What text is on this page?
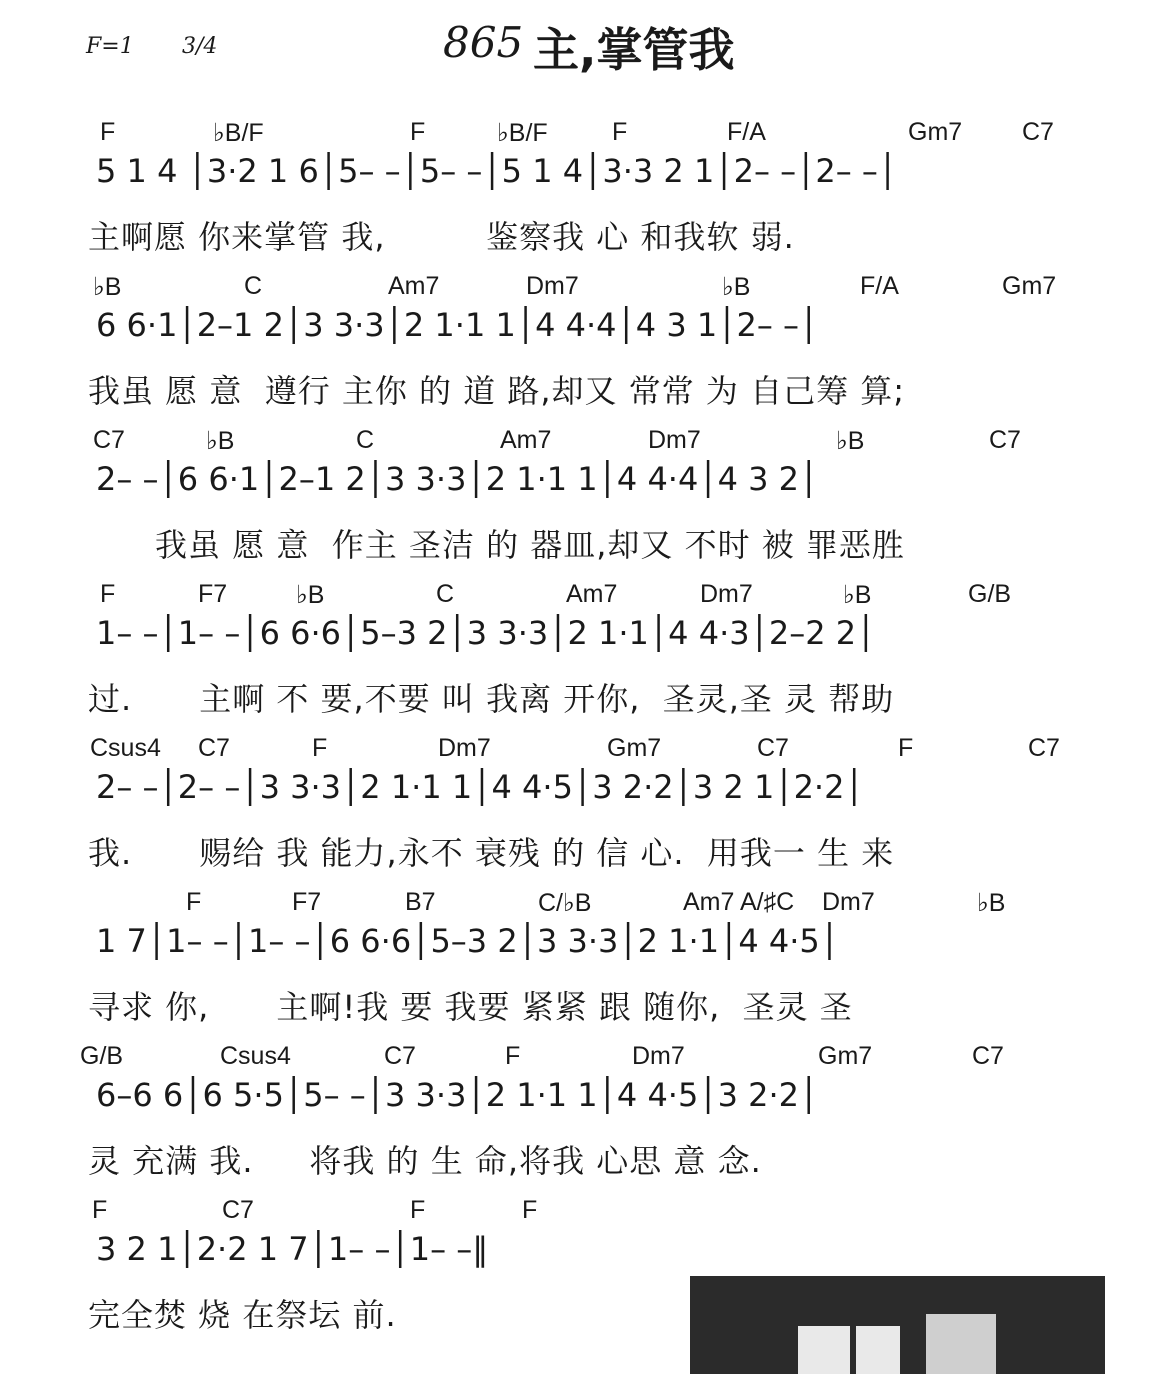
F=1 3/4	865 主,掌管我
F	♭B/F	F	♭B/F	F	F/A	Gm7 C7
5 1 4 │3·2 1 6│5– –│5– –│5 1 4│3·3 2 1│2– –│2– –│
主啊愿 你来掌管 我,         鉴察我 心 和我软 弱.
♭B	C	Am7	Dm7	♭B	F/A	Gm7
6 6·1│2–1 2│3 3·3│2 1·1 1│4 4·4│4 3 1│2– –│
我虽 愿 意  遵行 主你 的 道 路,却又 常常 为 自己筹 算;
C7	♭B	C	Am7	Dm7	♭B	C7
2– –│6 6·1│2–1 2│3 3·3│2 1·1 1│4 4·4│4 3 2│
我虽 愿 意  作主 圣洁 的 器皿,却又 不时 被 罪恶胜
F	F7	♭B	C	Am7	Dm7	♭B	G/B
1– –│1– –│6 6·6│5–3 2│3 3·3│2 1·1│4 4·3│2–2 2│
过.      主啊 不 要,不要 叫 我离 开你,  圣灵,圣 灵 帮助
Csus4 C7	F	Dm7	Gm7	C7	F	C7
2– –│2– –│3 3·3│2 1·1 1│4 4·5│3 2·2│3 2 1│2·2│
我.      赐给 我 能力,永不 衰残 的 信 心.  用我一 生 来
F	F7	B7	C/♭B	Am7 A/♯C Dm7	♭B
1 7│1– –│1– –│6 6·6│5–3 2│3 3·3│2 1·1│4 4·5│
寻求 你,      主啊!我 要 我要 紧紧 跟 随你,  圣灵 圣
G/B	Csus4	C7	F	Dm7	Gm7	C7
6–6 6│6 5·5│5– –│3 3·3│2 1·1 1│4 4·5│3 2·2│
灵 充满 我.     将我 的 生 命,将我 心思 意 念.
F	C7	F	F
3 2 1│2·2 1 7│1– –│1– –‖
完全焚 烧 在祭坛 前.
